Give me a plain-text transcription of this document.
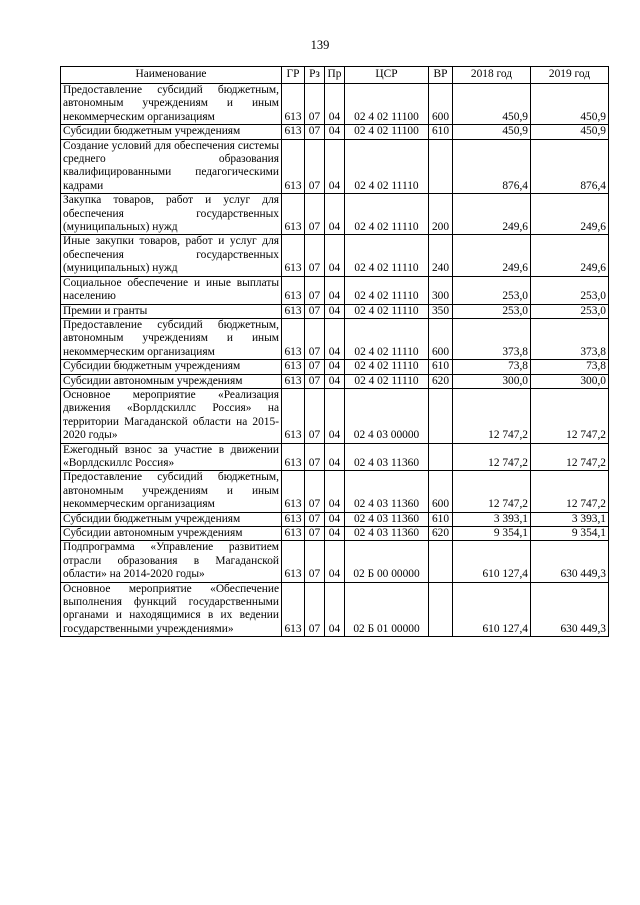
139
Наименование	ГР	Рз	Пр	ЦСР	ВР	2018 год	2019 год
Предоставление субсидий бюджетным, автономным учреждениям и иным некоммерческим организациям	613	07	04	02 4 02 11100	600	450,9	450,9
Субсидии бюджетным учреждениям	613	07	04	02 4 02 11100	610	450,9	450,9
Создание условий для обеспечения системы среднего образования квалифицированными педагогическими кадрами	613	07	04	02 4 02 11110		876,4	876,4
Закупка товаров, работ и услуг для обеспечения государственных (муниципальных) нужд	613	07	04	02 4 02 11110	200	249,6	249,6
Иные закупки товаров, работ и услуг для обеспечения государственных (муниципальных) нужд	613	07	04	02 4 02 11110	240	249,6	249,6
Социальное обеспечение и иные выплаты населению	613	07	04	02 4 02 11110	300	253,0	253,0
Премии и гранты	613	07	04	02 4 02 11110	350	253,0	253,0
Предоставление субсидий бюджетным, автономным учреждениям и иным некоммерческим организациям	613	07	04	02 4 02 11110	600	373,8	373,8
Субсидии бюджетным учреждениям	613	07	04	02 4 02 11110	610	73,8	73,8
Субсидии автономным учреждениям	613	07	04	02 4 02 11110	620	300,0	300,0
Основное мероприятие «Реализация движения «Ворлдскиллс Россия» на территории Магаданской области на 2015-2020 годы»	613	07	04	02 4 03 00000		12 747,2	12 747,2
Ежегодный взнос за участие в движении «Ворлдскиллс Россия»	613	07	04	02 4 03 11360		12 747,2	12 747,2
Предоставление субсидий бюджетным, автономным учреждениям и иным некоммерческим организациям	613	07	04	02 4 03 11360	600	12 747,2	12 747,2
Субсидии бюджетным учреждениям	613	07	04	02 4 03 11360	610	3 393,1	3 393,1
Субсидии автономным учреждениям	613	07	04	02 4 03 11360	620	9 354,1	9 354,1
Подпрограмма «Управление развитием отрасли образования в Магаданской области» на 2014-2020 годы»	613	07	04	02 Б 00 00000		610 127,4	630 449,3
Основное мероприятие «Обеспечение выполнения функций государственными органами и находящимися в их ведении государственными учреждениями»	613	07	04	02 Б 01 00000		610 127,4	630 449,3
